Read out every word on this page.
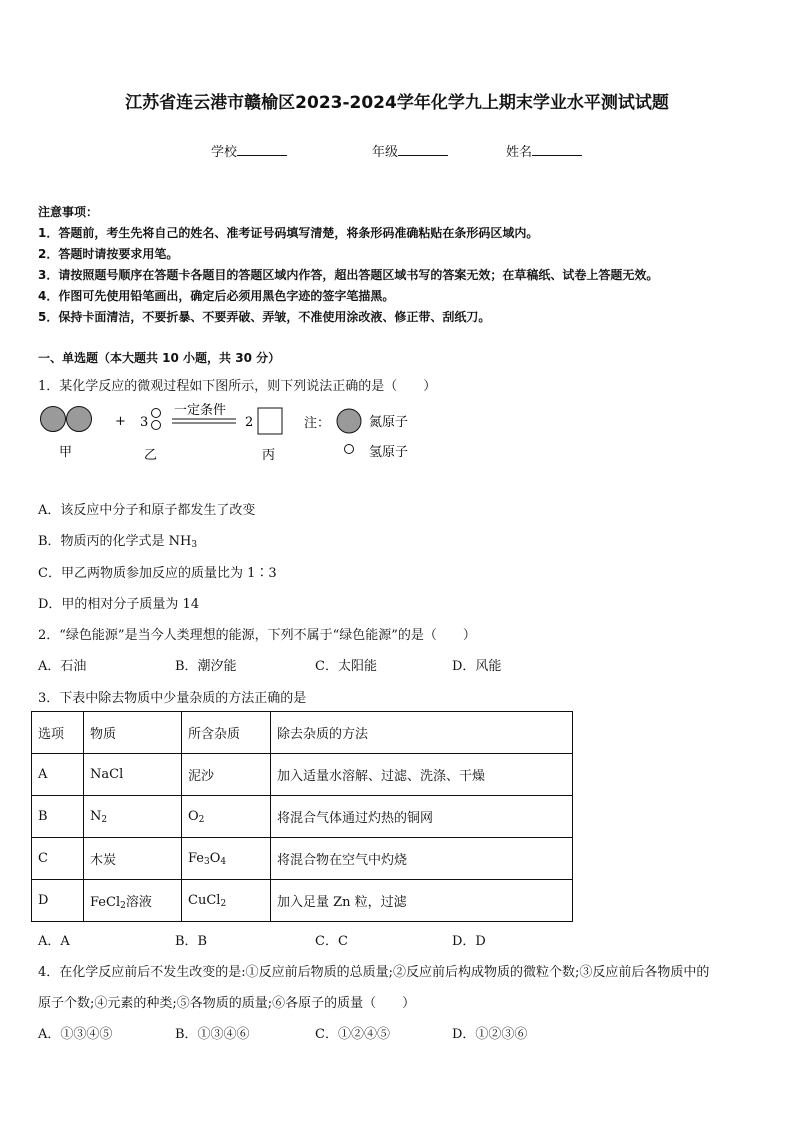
江苏省连云港市赣榆区2023-2024学年化学九上期末学业水平测试试题
学校	年级	姓名
注意事项：
1．答题前，考生先将自己的姓名、准考证号码填写清楚，将条形码准确粘贴在条形码区域内。
2．答题时请按要求用笔。
3．请按照题号顺序在答题卡各题目的答题区域内作答，超出答题区域书写的答案无效；在草稿纸、试卷上答题无效。
4．作图可先使用铅笔画出，确定后必须用黑色字迹的签字笔描黑。
5．保持卡面清洁，不要折暴、不要弄破、弄皱，不准使用涂改液、修正带、刮纸刀。
一、单选题（本大题共 10 小题，共 30 分）
1．某化学反应的微观过程如下图所示，则下列说法正确的是（　　）
+ 3
一定条件
2	注：	氮原子
氢原子
甲	乙	丙
A．该反应中分子和原子都发生了改变
B．物质丙的化学式是 $NH_3$
C．甲乙两物质参加反应的质量比为 1∶3
D．甲的相对分子质量为 14
2．“绿色能源”是当今人类理想的能源，下列不属于“绿色能源”的是（　　）
A．石油	B．潮汐能	C．太阳能	D．风能
3．下表中除去物质中少量杂质的方法正确的是
选项	物质	所含杂质	除去杂质的方法
A	NaCl	泥沙	加入适量水溶解、过滤、洗涤、干燥
B	$N_2$	$O_2$	将混合气体通过灼热的铜网
C	木炭	$Fe_3O_4$	将混合物在空气中灼烧
D	FeCl$_2$溶液	CuCl$_2$	加入足量 Zn 粒，过滤
A．A	B．B	C．C	D．D
4．在化学反应前后不发生改变的是:①反应前后物质的总质量;②反应前后构成物质的微粒个数;③反应前后各物质中的
原子个数;④元素的种类;⑤各物质的质量;⑥各原子的质量（　　）
A．①③④⑤	B．①③④⑥	C．①②④⑤	D．①②③⑥
